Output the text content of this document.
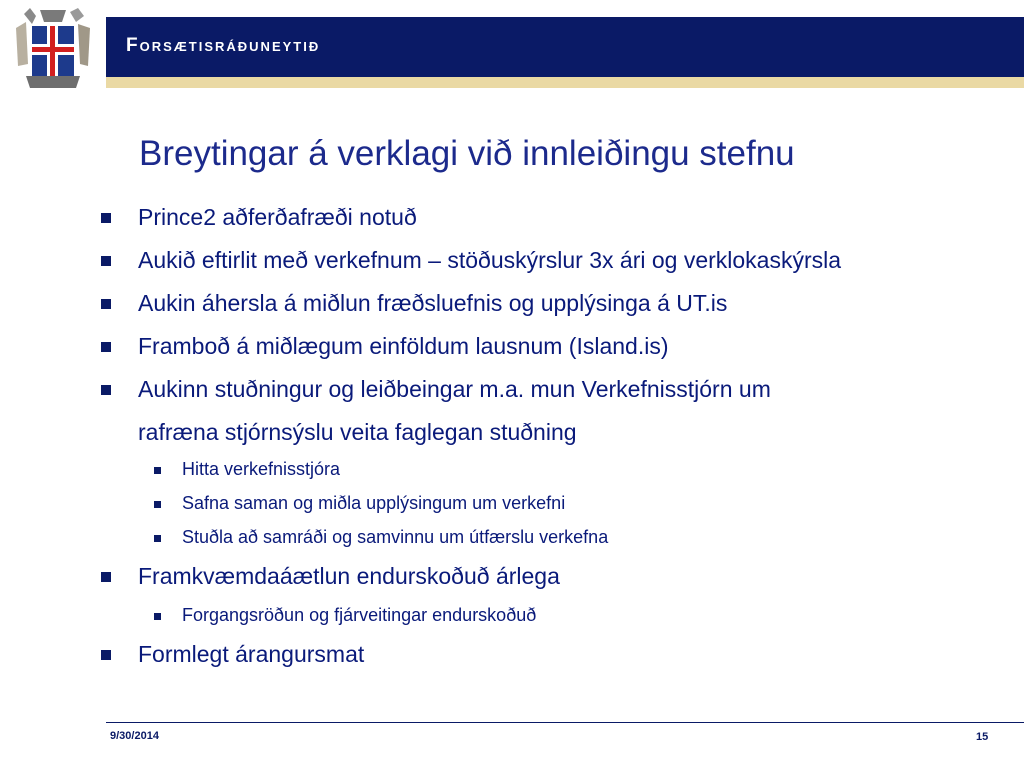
Forsætisráðuneytið
Breytingar á verklagi við innleiðingu stefnu
Prince2 aðferðafræði notuð
Aukið eftirlit með verkefnum – stöðuskýrslur 3x ári og verklokaskýrsla
Aukin áhersla á miðlun fræðsluefnis og upplýsinga á UT.is
Framboð á miðlægum einföldum lausnum (Island.is)
Aukinn stuðningur og leiðbeingar m.a. mun Verkefnisstjórn um
rafræna stjórnsýslu veita faglegan stuðning
Hitta verkefnisstjóra
Safna saman og miðla upplýsingum um verkefni
Stuðla að samráði og samvinnu um útfærslu verkefna
Framkvæmdaáætlun endurskoðuð árlega
Forgangsröðun og fjárveitingar endurskoðuð
Formlegt árangursmat
9/30/2014	15
